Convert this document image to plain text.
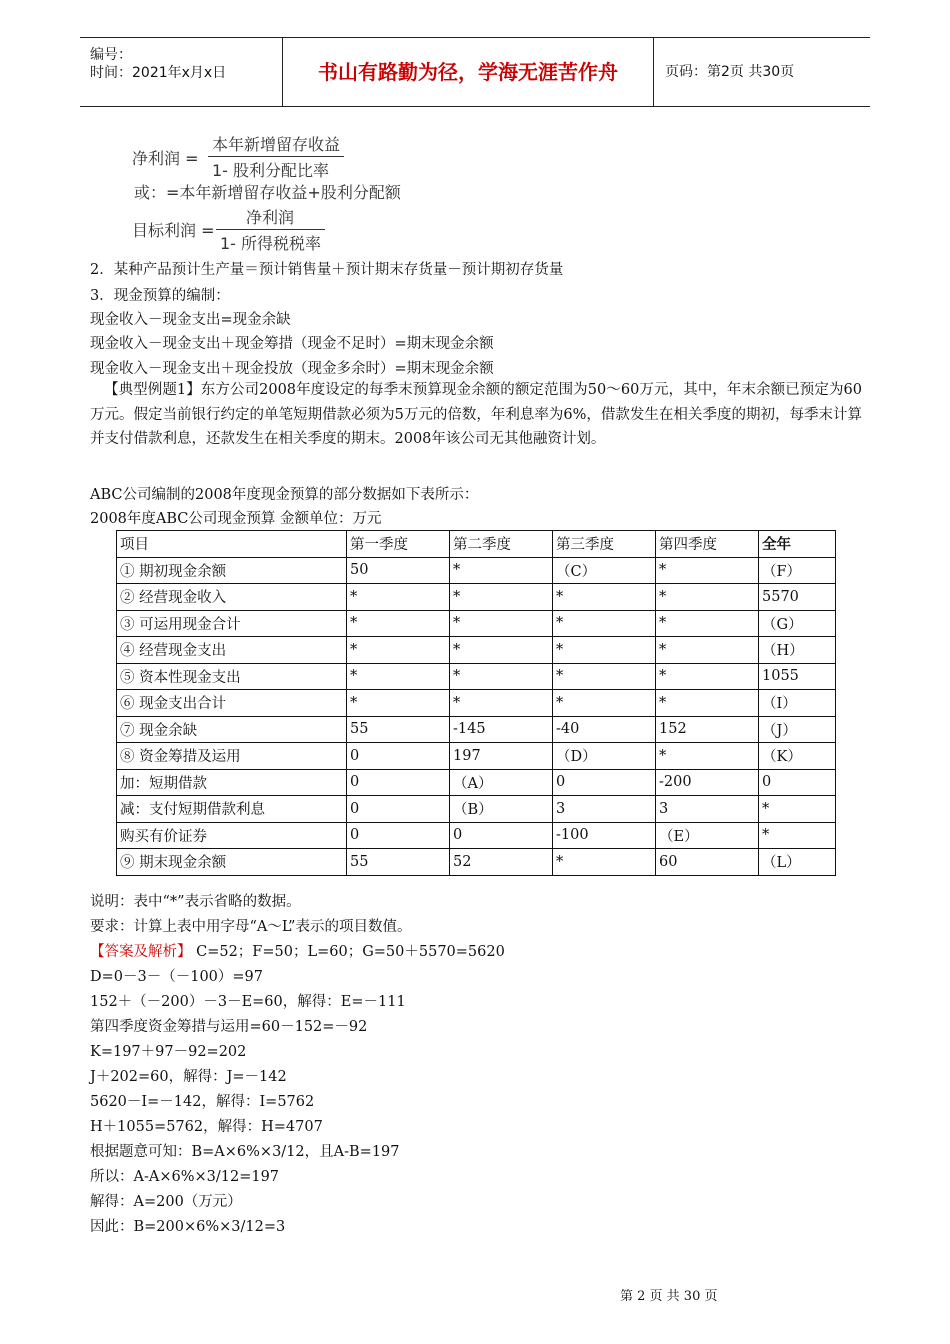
编号：
时间：2021年x月x日	书山有路勤为径，学海无涯苦作舟	页码：第2页 共30页
净利润 =
本年新增留存收益
1- 股利分配比率
或：=本年新增留存收益+股利分配额
目标利润 =
净利润
1- 所得税税率
2．某种产品预计生产量＝预计销售量＋预计期末存货量－预计期初存货量
3．现金预算的编制：
现金收入－现金支出=现金余缺
现金收入－现金支出＋现金筹措（现金不足时）=期末现金余额
现金收入－现金支出＋现金投放（现金多余时）=期末现金余额
【典型例题1】东方公司2008年度设定的每季末预算现金余额的额定范围为50～60万元，其中，年末余额已预定为60万元。假定当前银行约定的单笔短期借款必须为5万元的倍数，年利息率为6%，借款发生在相关季度的期初，每季末计算并支付借款利息，还款发生在相关季度的期末。2008年该公司无其他融资计划。
ABC公司编制的2008年度现金预算的部分数据如下表所示：
2008年度ABC公司现金预算 金额单位：万元
项目	第一季度	第二季度	第三季度	第四季度	全年
① 期初现金余额	50	*	（C）	*	（F）
② 经营现金收入	*	*	*	*	5570
③ 可运用现金合计	*	*	*	*	（G）
④ 经营现金支出	*	*	*	*	（H）
⑤ 资本性现金支出	*	*	*	*	1055
⑥ 现金支出合计	*	*	*	*	（I）
⑦ 现金余缺	55	-145	-40	152	（J）
⑧ 资金筹措及运用	0	197	（D）	*	（K）
加：短期借款	0	（A）	0	-200	0
减：支付短期借款利息	0	（B）	3	3	*
购买有价证券	0	0	-100	（E）	*
⑨ 期末现金余额	55	52	*	60	（L）
说明：表中“*”表示省略的数据。
要求：计算上表中用字母“A～L”表示的项目数值。
【答案及解析】 C=52；F=50；L=60；G=50＋5570=5620
D=0－3－（－100）=97
152＋（－200）－3－E=60，解得：E=－111
第四季度资金筹措与运用=60－152=－92
K=197＋97－92=202
J＋202=60，解得：J=－142
5620－I=－142，解得：I=5762
H＋1055=5762，解得：H=4707
根据题意可知：B=A×6%×3/12，且A-B=197
所以：A-A×6%×3/12=197
解得：A=200（万元）
因此：B=200×6%×3/12=3
第 2 页 共 30 页
